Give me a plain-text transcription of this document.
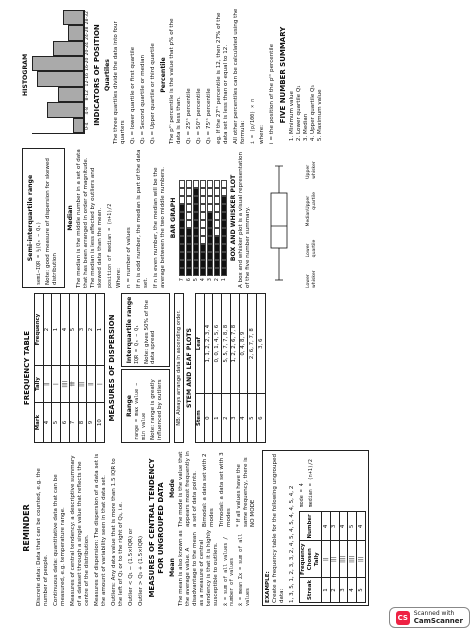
REMINDER Discrete data: Data that can be counted, e.g. the number of people. Continuous data: quantitative data that can be measured, e.g. temperature range. Measures of central tendency: a descriptive summary of a dataset through a single value that reflects the centre of the distribution. Measures of dispersion: The dispersion of a data set is the amount of variability seen in that data set. Outliers: Any data value that is more than 1.5 IQR to the left of Q₁ or to the right of Q₃, i.e. Outlier < Q₁ − (1.5×IQR) or Outlier > Q₃ + (1.5×IQR) MEASURES OF CENTRAL TENDENCY FOR UNGROUPED DATA Mean The mean is also known as the average value. A disadvantage to the mean as a measure of central tendency is that it is highly susceptible to outliers. x̄ = sum of all values / number of values x̄ = mean Σx = sum of all values

Mode The mode is the value that appears most frequently in a set of data points. Bimodal: a data set with 2 modes Trimodal: a data set with 3 modes * If all values have the same frequency, there is NO MODE

EXAMPLE: Create a frequency table for the following ungrouped data: 1, 3, 5, 1, 2, 3, 3, 2, 4, 5, 4, 5, 4, 4, 5, 4, 2 Streak	Frequency Chosen Tally	Number
1	||	4
2	|||	3
3	||||	4
4	||||	5
5	|||	4

mode = 4 median = (n+1)/2

FREQUENCY TABLE
Mark	Tally	Frequency
4	||	2
5	|	1
6	||||	4
7	卌	5
8	|||	3
9	||	2
10	|	1 MEASURES OF DISPERSION Range range = max value − min value Note: range is greatly influenced by outliers

Interquartile range IQR = Q₃ − Q₁ Note: gives 50% of the data spread	NB: Always arrange data in ascending order. STEM AND LEAF PLOTS
Stem	Leaf
0	1, 1, 2, 2, 3, 4
1	0, 0, 1, 4, 5, 6
2	5, 5, 7, 7, 8, 8
3	1, 2, 2, 6, 7, 8
4	0, 4, 8, 9
5	2, 6, 7, 7, 8
6	3, 6
Semi-interquartile range semi−IQR = ½(Q₃ − Q₁) Note: good measure of dispersion for skewed distribution

Median The median is the middle number in a set of data that has been arranged in order of magnitude. The median is less affected by outliers and skewed data than the mean. position of median = (n+1)/2 Where: n = number of values If n is odd number, the median is part of the data set. If n is even number, the median will be the average between the two middle numbers. BAR GRAPH
7 6 5 4 3 2 1
BOX AND WHISKER PLOT A box and whisker plot is a visual representation of the five number summary.	Lower whisker
Lower quartile
Median
Upper quartile
Upper whisker
HISTOGRAM
0-4
4-8
8-12
12-16
16-20
20-24
24-28
28-32
INDICATORS OF POSITION Quartiles The three quartiles divide the data into four quarters Q₁ = lower quartile or first quartile Q₂ = Second quartile or median Q₃ = Upper quartile or third quartile Percentile The pᵗʰ percentile is the value that p% of the data is less than. Q₁ = 25ᵗʰ percentile Q₂ = 50ᵗʰ percentile Q₃ = 75ᵗʰ percentile eg. If the 27ᵗʰ percentile is 12, then 27% of the data set is less than or equal to 12. All other percentiles can be calculated using the formula: i = (p/100) × n where: i = the position of the pᵗʰ percentile FIVE NUMBER SUMMARY 1. Minimum value 2. Lower quartile Q₁ 3. Median 4. Upper quartile Q₃ 5. Maximum value
CS Scanned with
CamScanner
